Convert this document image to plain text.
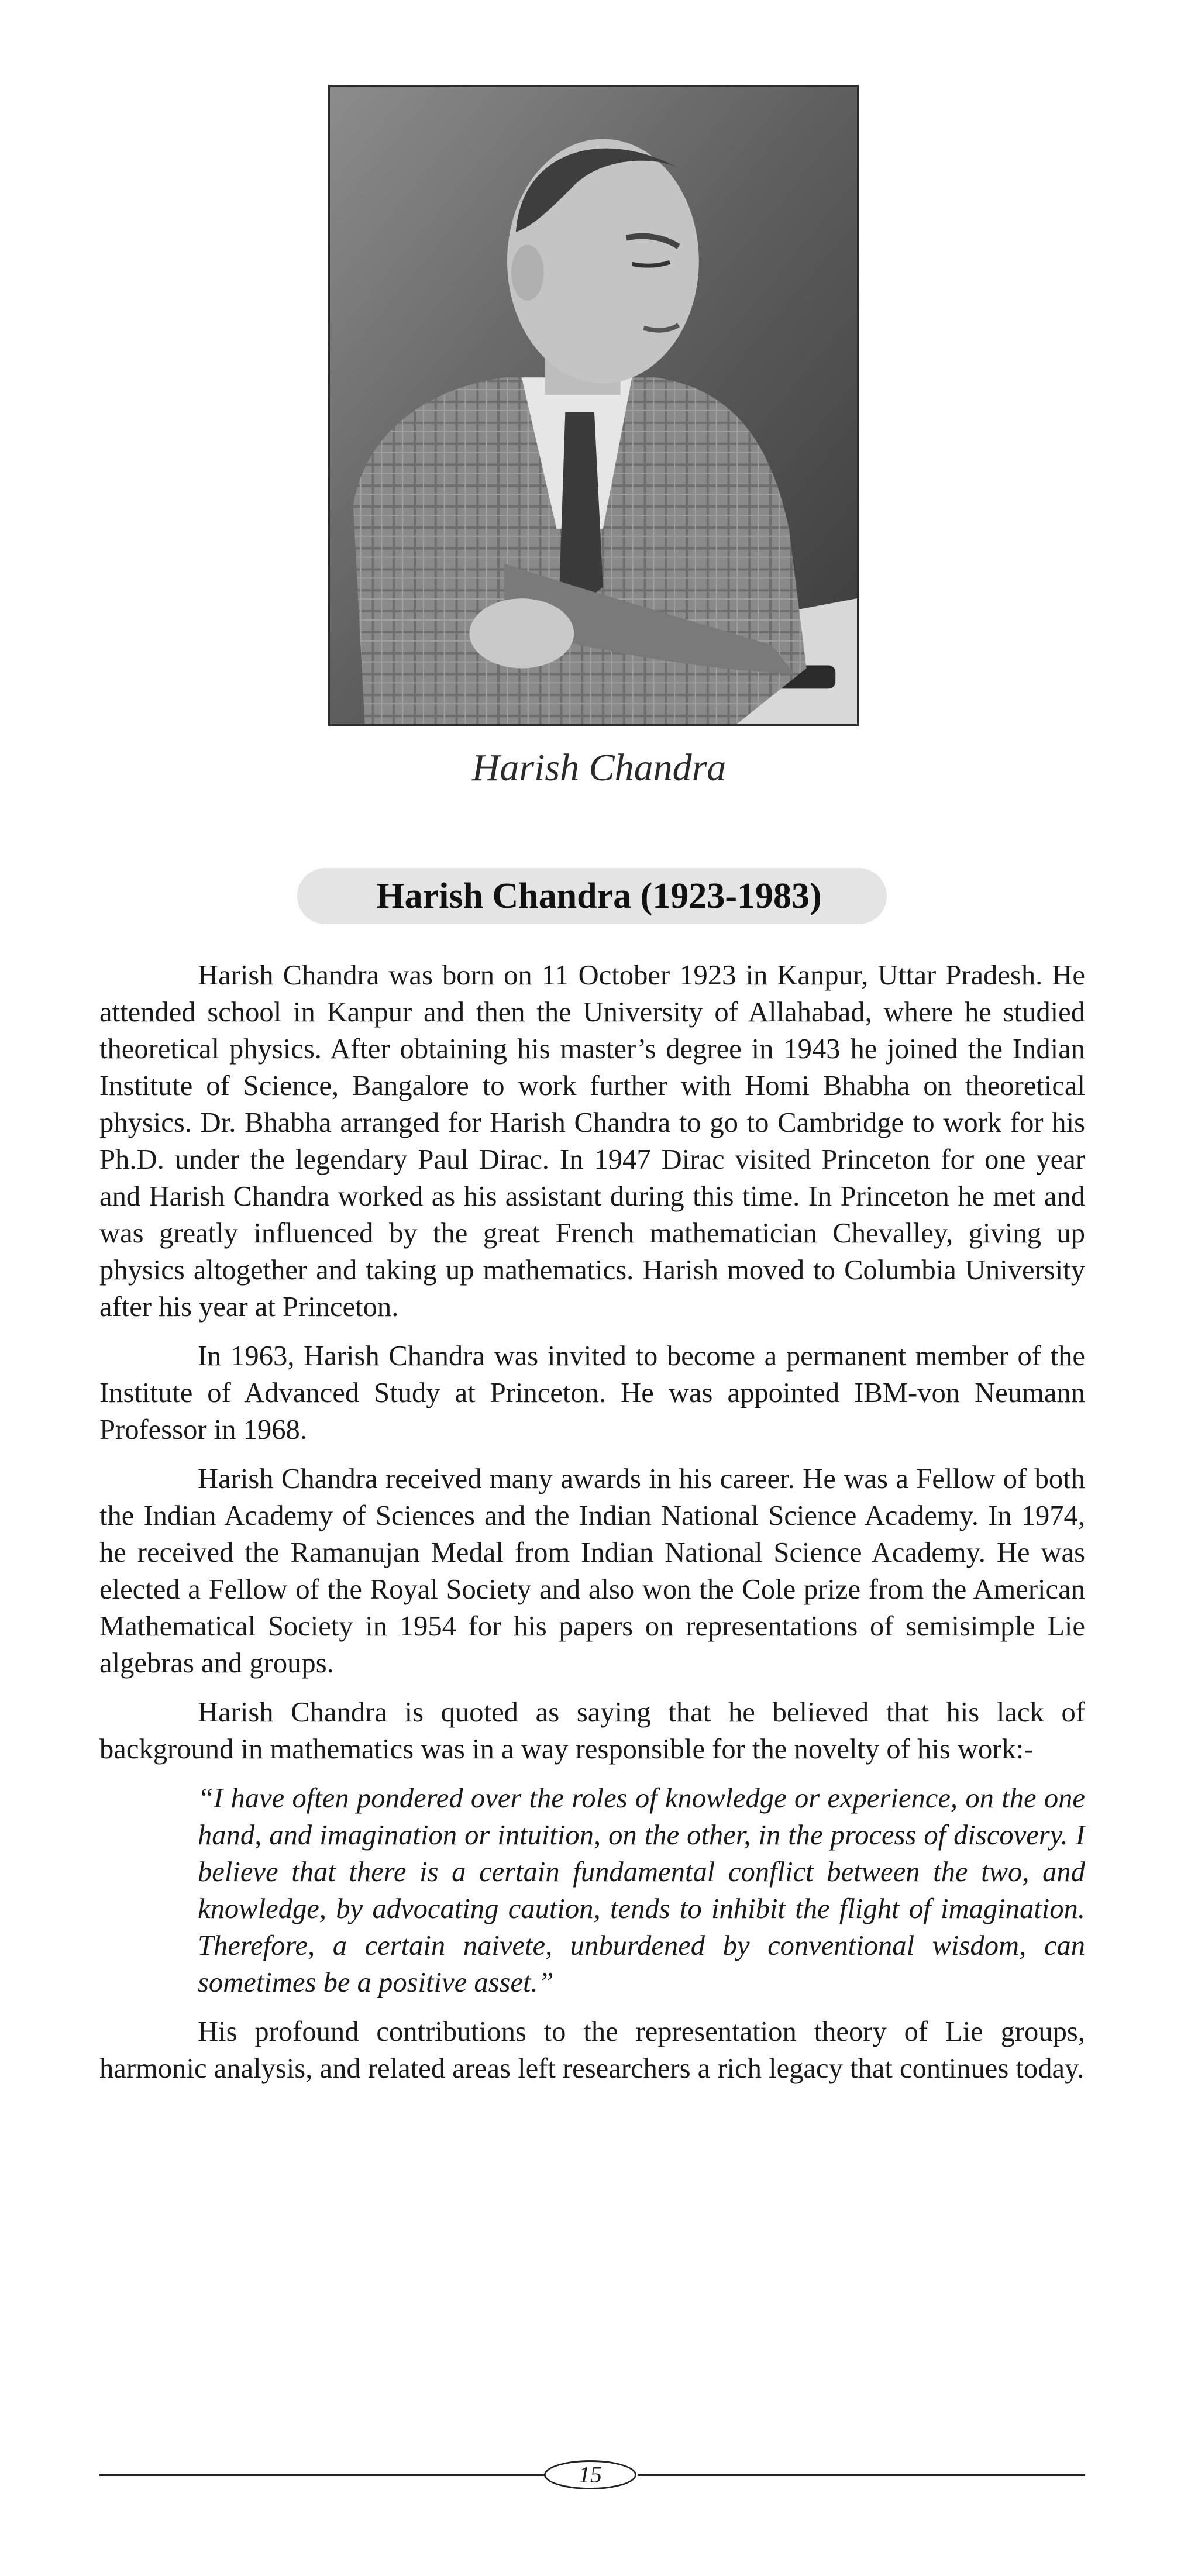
Harish Chandra
Harish Chandra (1923-1983)

Harish Chandra was born on 11 October 1923 in Kanpur, Uttar Pradesh. He attended school in Kanpur and then the University of Allahabad, where he studied theoretical physics. After obtaining his master’s degree in 1943 he joined the Indian Institute of Science, Bangalore to work further with Homi Bhabha on theoretical physics. Dr. Bhabha arranged for Harish Chandra to go to Cambridge to work for his Ph.D. under the legendary Paul Dirac. In 1947 Dirac visited Princeton for one year and Harish Chandra worked as his assistant during this time. In Princeton he met and was greatly influenced by the great French mathematician Chevalley, giving up physics altogether and taking up mathematics. Harish moved to Columbia University after his year at Princeton.

In 1963, Harish Chandra was invited to become a permanent member of the Institute of Advanced Study at Princeton. He was appointed IBM-von Neumann Professor in 1968.

Harish Chandra received many awards in his career. He was a Fellow of both the Indian Academy of Sciences and the Indian National Science Academy. In 1974, he received the Ramanujan Medal from Indian National Science Academy. He was elected a Fellow of the Royal Society and also won the Cole prize from the American Mathematical Society in 1954 for his papers on representations of semisimple Lie algebras and groups.

Harish Chandra is quoted as saying that he believed that his lack of background in mathematics was in a way responsible for the novelty of his work:-

“I have often pondered over the roles of knowledge or experience, on the one hand, and imagination or intuition, on the other, in the process of discovery. I believe that there is a certain fundamental conflict between the two, and knowledge, by advocating caution, tends to inhibit the flight of imagination. Therefore, a certain naivete, unburdened by conventional wisdom, can sometimes be a positive asset.”

His profound contributions to the representation theory of Lie groups, harmonic analysis, and related areas left researchers a rich legacy that continues today.

15
